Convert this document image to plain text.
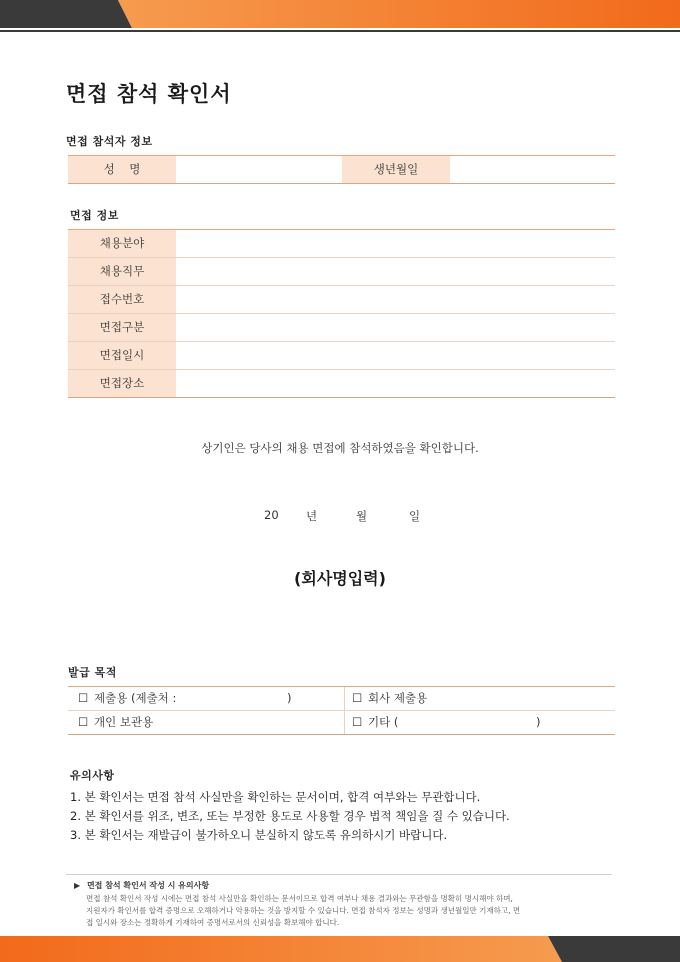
면접 참석 확인서
면접 참석자 정보
성    명	생년월일
면접 정보
채용분야
채용직무
접수번호
면접구분
면접일시
면접장소
상기인은 당사의 채용 면접에 참석하였음을 확인합니다.
20 년	월	일
(회사명입력)
발급 목적
☐ 제출용 (제출처 :	)	☐ 회사 제출용
☐ 개인 보관용	☐ 기타 (	)
유의사항
1. 본 확인서는 면접 참석 사실만을 확인하는 문서이며, 합격 여부와는 무관합니다.
2. 본 확인서를 위조, 변조, 또는 부정한 용도로 사용할 경우 법적 책임을 질 수 있습니다.
3. 본 확인서는 재발급이 불가하오니 분실하지 않도록 유의하시기 바랍니다.
▶ 면접 참석 확인서 작성 시 유의사항
면접 참석 확인서 작성 시에는 면접 참석 사실만을 확인하는 문서이므로 합격 여부나 채용 결과와는 무관함을 명확히 명시해야 하며,
지원자가 확인서를 합격 증명으로 오해하거나 악용하는 것을 방지할 수 있습니다. 면접 참석자 정보는 성명과 생년월일만 기재하고, 면
접 일시와 장소는 정확하게 기재하여 증명서로서의 신뢰성을 확보해야 합니다.
